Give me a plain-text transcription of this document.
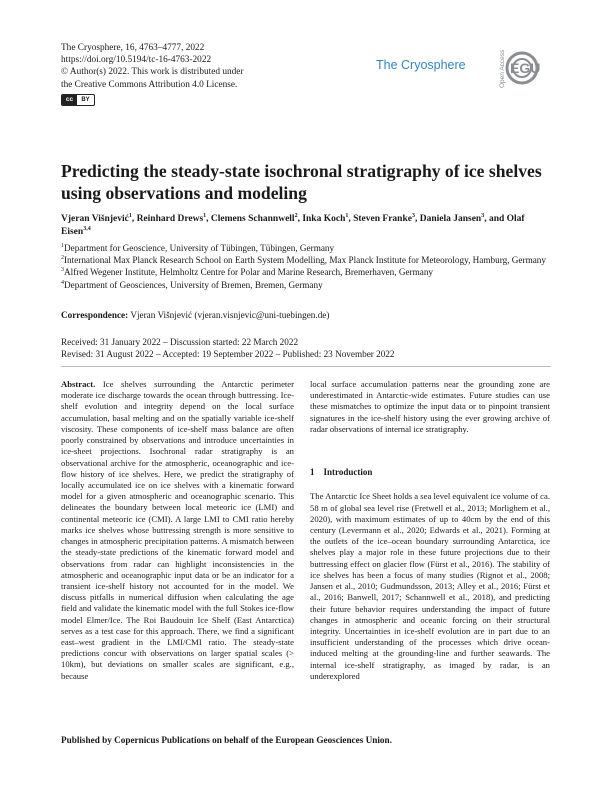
The Cryosphere, 16, 4763–4777, 2022
https://doi.org/10.5194/tc-16-4763-2022
© Author(s) 2022. This work is distributed under
the Creative Commons Attribution 4.0 License.
cc	BY
The Cryosphere	Open Access EGU
Predicting the steady-state isochronal stratigraphy of ice shelves using observations and modeling
Vjeran Višnjević$^1$, Reinhard Drews$^1$, Clemens Schannwell$^2$, Inka Koch$^1$, Steven Franke$^3$, Daniela Jansen$^3$, and Olaf Eisen$^{3,4}$
$^1$Department for Geoscience, University of Tübingen, Tübingen, Germany
$^2$International Max Planck Research School on Earth System Modelling, Max Planck Institute for Meteorology, Hamburg, Germany
$^3$Alfred Wegener Institute, Helmholtz Centre for Polar and Marine Research, Bremerhaven, Germany
$^4$Department of Geosciences, University of Bremen, Bremen, Germany
Correspondence: Vjeran Višnjević (vjeran.visnjevic@uni-tuebingen.de)
Received: 31 January 2022 – Discussion started: 22 March 2022
Revised: 31 August 2022 – Accepted: 19 September 2022 – Published: 23 November 2022
Abstract. Ice shelves surrounding the Antarctic perimeter moderate ice discharge towards the ocean through buttressing. Ice-shelf evolution and integrity depend on the local surface accumulation, basal melting and on the spatially variable ice-shelf viscosity. These components of ice-shelf mass balance are often poorly constrained by observations and introduce uncertainties in ice-sheet projections. Isochronal radar stratigraphy is an observational archive for the atmospheric, oceanographic and ice-flow history of ice shelves. Here, we predict the stratigraphy of locally accumulated ice on ice shelves with a kinematic forward model for a given atmospheric and oceanographic scenario. This delineates the boundary between local meteoric ice (LMI) and continental meteoric ice (CMI). A large LMI to CMI ratio hereby marks ice shelves whose buttressing strength is more sensitive to changes in atmospheric precipitation patterns. A mismatch between the steady-state predictions of the kinematic forward model and observations from radar can highlight inconsistencies in the atmospheric and oceanographic input data or be an indicator for a transient ice-shelf history not accounted for in the model. We discuss pitfalls in numerical diffusion when calculating the age field and validate the kinematic model with the full Stokes ice-flow model Elmer/Ice. The Roi Baudouin Ice Shelf (East Antarctica) serves as a test case for this approach. There, we find a significant east–west gradient in the LMI/CMI ratio. The steady-state predictions concur with observations on larger spatial scales (> 10km), but deviations on smaller scales are significant, e.g., because

local surface accumulation patterns near the grounding zone are underestimated in Antarctic-wide estimates. Future studies can use these mismatches to optimize the input data or to pinpoint transient signatures in the ice-shelf history using the ever growing archive of radar observations of internal ice stratigraphy.

1 Introduction

The Antarctic Ice Sheet holds a sea level equivalent ice volume of ca. 58 m of global sea level rise (Fretwell et al., 2013; Morlighem et al., 2020), with maximum estimates of up to 40cm by the end of this century (Levermann et al., 2020; Edwards et al., 2021). Forming at the outlets of the ice–ocean boundary surrounding Antarctica, ice shelves play a major role in these future projections due to their buttressing effect on glacier flow (Fürst et al., 2016). The stability of ice shelves has been a focus of many studies (Rignot et al., 2008; Jansen et al., 2010; Gudmundsson, 2013; Alley et al., 2016; Fürst et al., 2016; Banwell, 2017; Schannwell et al., 2018), and predicting their future behavior requires understanding the impact of future changes in atmospheric and oceanic forcing on their structural integrity. Uncertainties in ice-shelf evolution are in part due to an insufficient understanding of the processes which drive ocean-induced melting at the grounding-line and further seawards. The internal ice-shelf stratigraphy, as imaged by radar, is an underexplored

Published by Copernicus Publications on behalf of the European Geosciences Union.
